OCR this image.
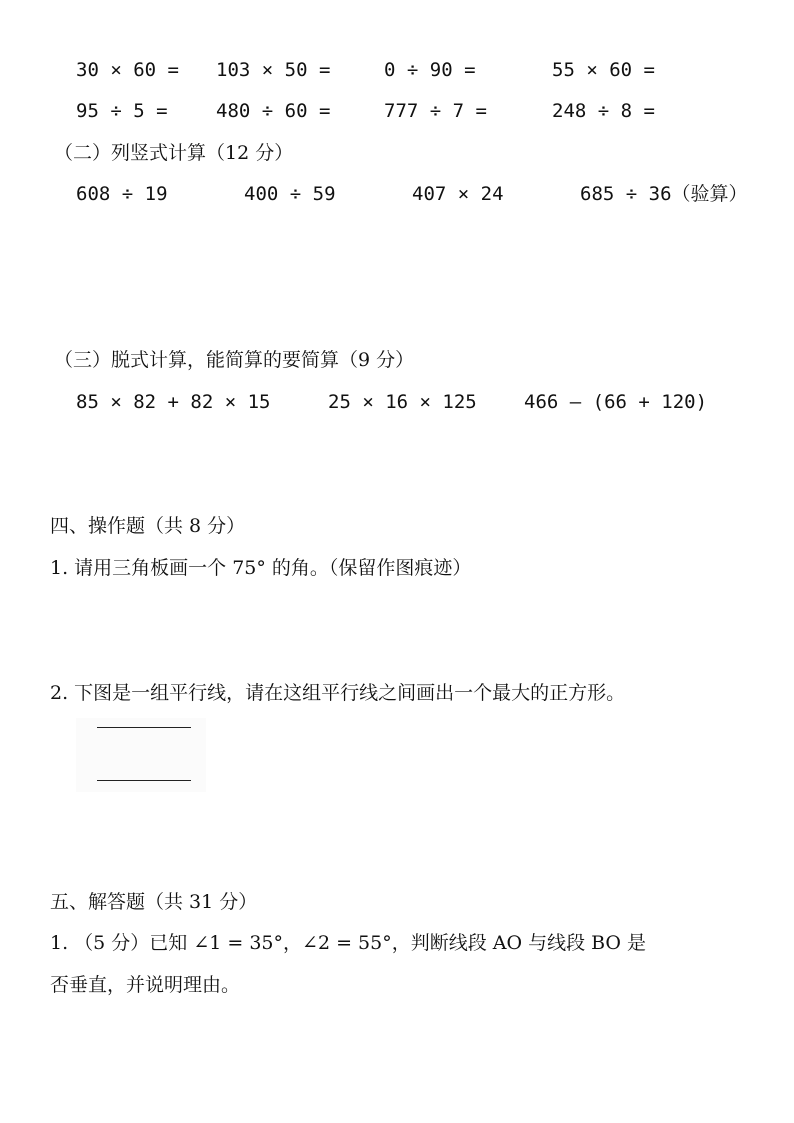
30 × 60 = 103 × 50 =	0 ÷ 90 =	55 × 60 =
95 ÷ 5 =	480 ÷ 60 =	777 ÷ 7 =	248 ÷ 8 =
（二）列竖式计算（12 分）
608 ÷ 19	400 ÷ 59	407 × 24	685 ÷ 36（验算）
（三）脱式计算，能简算的要简算（9 分）
85 × 82 + 82 × 15	25 × 16 × 125 466 – (66 + 120)
四、操作题（共 8 分）
1. 请用三角板画一个 75° 的角。（保留作图痕迹）
2. 下图是一组平行线，请在这组平行线之间画出一个最大的正方形。
五、解答题（共 31 分）
1. （5 分）已知 ∠1 = 35°，∠2 = 55°，判断线段 AO 与线段 BO 是
否垂直，并说明理由。
